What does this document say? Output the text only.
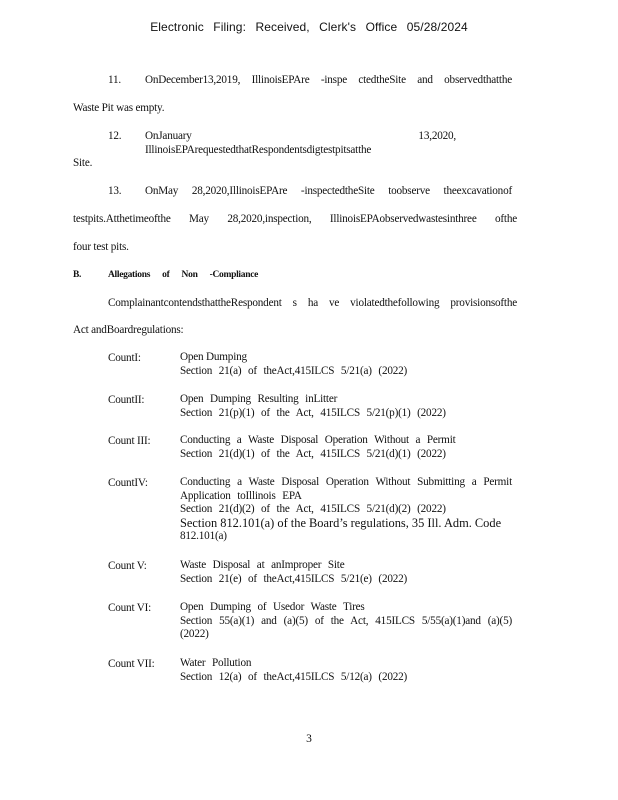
Electronic Filing: Received, Clerk's Office 05/28/2024
11. OnDecember13,2019, IllinoisEPAre -inspe ctedtheSite and observedthatthe
Waste Pit was empty.
12. OnJanuary 13,2020, IllinoisEPArequestedthatRespondentsdigtestpitsatthe
Site.
13. OnMay 28,2020,IllinoisEPAre -inspectedtheSite toobserve theexcavationof
testpits.Atthetimeofthe May 28,2020,inspection, IllinoisEPAobservedwastesinthree ofthe
four test pits.
B.	Allegations of Non -Compliance
ComplainantcontendsthattheRespondent s ha ve violatedthefollowing provisionsofthe
Act andBoardregulations:
CountI:	Open Dumping
Section 21(a) of theAct,415ILCS 5/21(a) (2022)
CountII:	Open Dumping Resulting inLitter
Section 21(p)(1) of the Act, 415ILCS 5/21(p)(1) (2022)
Count III:	Conducting a Waste Disposal Operation Without a Permit
Section 21(d)(1) of the Act, 415ILCS 5/21(d)(1) (2022)
CountIV:	Conducting a Waste Disposal Operation Without Submitting a Permit
Application toIllinois EPA
Section 21(d)(2) of the Act, 415ILCS 5/21(d)(2) (2022)
Section 812.101(a) of the Board’s regulations, 35 Ill. Adm. Code
812.101(a)
Count V:	Waste Disposal at anImproper Site
Section 21(e) of theAct,415ILCS 5/21(e) (2022)
Count VI:	Open Dumping of Usedor Waste Tires
Section 55(a)(1) and (a)(5) of the Act, 415ILCS 5/55(a)(1)and (a)(5)
(2022)
Count VII: Water Pollution
Section 12(a) of theAct,415ILCS 5/12(a) (2022)
3
